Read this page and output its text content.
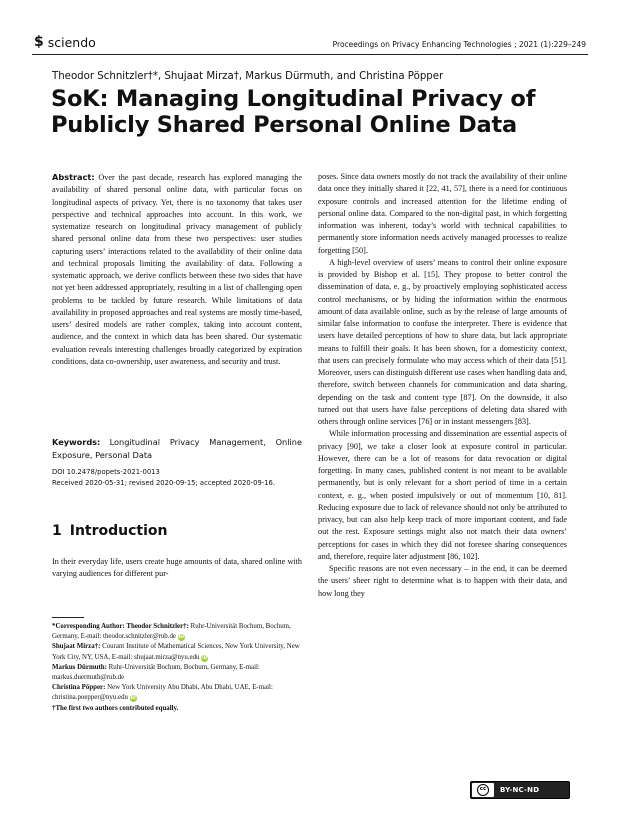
$ sciendo	Proceedings on Privacy Enhancing Technologies ; 2021 (1):229–249
Theodor Schnitzler†*, Shujaat Mirza†, Markus Dürmuth, and Christina Pöpper
SoK: Managing Longitudinal Privacy of Publicly Shared Personal Online Data

Abstract: Over the past decade, research has explored managing the availability of shared personal online data, with particular focus on longitudinal aspects of privacy. Yet, there is no taxonomy that takes user perspective and technical approaches into account. In this work, we systematize research on longitudinal privacy management of publicly shared personal online data from these two perspectives: user studies capturing users’ interactions related to the availability of their online data and technical proposals limiting the availability of data. Following a systematic approach, we derive conflicts between these two sides that have not yet been addressed appropriately, resulting in a list of challenging open problems to be tackled by future research. While limitations of data availability in proposed approaches and real systems are mostly time-based, users’ desired models are rather complex, taking into account content, audience, and the context in which data has been shared. Our systematic evaluation reveals interesting challenges broadly categorized by expiration conditions, data co-ownership, user awareness, and security and trust.

Keywords: Longitudinal Privacy Management, Online Exposure, Personal Data
DOI 10.2478/popets-2021-0013
Received 2020-05-31; revised 2020-09-15; accepted 2020-09-16.
1 Introduction
In their everyday life, users create huge amounts of data, shared online with varying audiences for different pur-

*Corresponding Author: Theodor Schnitzler†: Ruhr-Universität Bochum, Bochum, Germany, E-mail: theodor.schnitzler@rub.de iD

Shujaat Mirza†: Courant Institute of Mathematical Sciences, New York University, New York City, NY, USA, E-mail: shujaat.mirza@nyu.edu iD

Markus Dürmuth: Ruhr-Universität Bochum, Bochum, Germany, E-mail: markus.duermuth@rub.de

Christina Pöpper: New York University Abu Dhabi, Abu Dhabi, UAE, E-mail: christina.poepper@nyu.edu iD

†The first two authors contributed equally.

poses. Since data owners mostly do not track the availability of their online data once they initially shared it [22, 41, 57], there is a need for continuous exposure controls and increased attention for the lifetime ending of personal online data. Compared to the non-digital past, in which forgetting information was inherent, today’s world with technical capabilities to permanently store information needs actively managed processes to realize forgetting [50].

A high-level overview of users’ means to control their online exposure is provided by Bishop et al. [15]. They propose to better control the dissemination of data, e. g., by proactively employing sophisticated access control mechanisms, or by hiding the information within the enormous amount of data available online, such as by the release of large amounts of similar false information to confuse the interpreter. There is evidence that users have detailed perceptions of how to share data, but lack appropriate means to fulfill their goals. It has been shown, for a domesticity context, that users can precisely formulate who may access which of their data [51]. Moreover, users can distinguish different use cases when handling data and, therefore, switch between channels for communication and data sharing, depending on the task and content type [87]. On the downside, it also turned out that users have false perceptions of deleting data shared with others through online services [76] or in instant messengers [83].

While information processing and dissemination are essential aspects of privacy [90], we take a closer look at exposure control in particular. However, there can be a lot of reasons for data revocation or digital forgetting. In many cases, published content is not meant to be available permanently, but is only relevant for a short period of time in a certain context, e. g., when posted impulsively or out of momentum [10, 81]. Reducing exposure due to lack of relevance should not only be attributed to privacy, but can also help keep track of more important content, and fade out the rest. Exposure settings might also not match their data owners’ perceptions for cases in which they did not foresee sharing consequences and, therefore, require later adjustment [86, 102].

Specific reasons are not even necessary – in the end, it can be deemed the users’ sheer right to determine what is to happen with their data, and how long they

cc	BY-NC-ND
